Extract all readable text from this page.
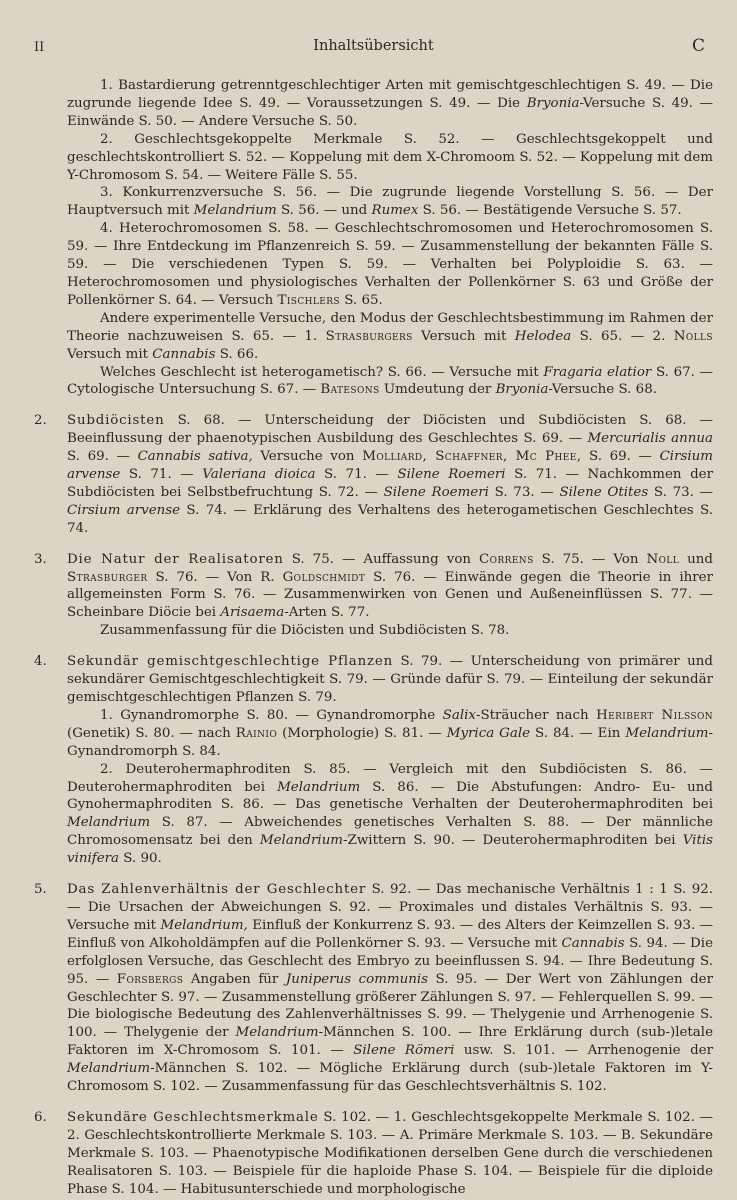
II	Inhaltsübersicht	C

1. Bastardierung getrenntgeschlechtiger Arten mit gemischtgeschlechtigen S. 49. — Die zugrunde liegende Idee S. 49. — Voraussetzungen S. 49. — Die Bryonia-Versuche S. 49. — Einwände S. 50. — Andere Versuche S. 50.

2. Geschlechtsgekoppelte Merkmale S. 52. — Geschlechtsgekoppelt und geschlechtskontrolliert S. 52. — Koppelung mit dem X-Chromoom S. 52. — Koppelung mit dem Y-Chromosom S. 54. — Weitere Fälle S. 55.

3. Konkurrenzversuche S. 56. — Die zugrunde liegende Vorstellung S. 56. — Der Hauptversuch mit Melandrium S. 56. — und Rumex S. 56. — Bestätigende Versuche S. 57.

4. Heterochromosomen S. 58. — Geschlechtschromosomen und Heterochromosomen S. 59. — Ihre Entdeckung im Pflanzenreich S. 59. — Zusammenstellung der bekannten Fälle S. 59. — Die verschiedenen Typen S. 59. — Verhalten bei Polyploidie S. 63. — Heterochromosomen und physiologisches Verhalten der Pollenkörner S. 63 und Größe der Pollenkörner S. 64. — Versuch Tischlers S. 65.

Andere experimentelle Versuche, den Modus der Geschlechtsbestimmung im Rahmen der Theorie nachzuweisen S. 65. — 1. Strasburgers Versuch mit Helodea S. 65. — 2. Nolls Versuch mit Cannabis S. 66.

Welches Geschlecht ist heterogametisch? S. 66. — Versuche mit Fragaria elatior S. 67. — Cytologische Untersuchung S. 67. — Batesons Umdeutung der Bryonia-Versuche S. 68.

2. Subdiöcisten S. 68. — Unterscheidung der Diöcisten und Subdiöcisten S. 68. — Beeinflussung der phaenotypischen Ausbildung des Geschlechtes S. 69. — Mercurialis annua S. 69. — Cannabis sativa, Versuche von Molliard, Schaffner, Mc Phee, S. 69. — Cirsium arvense S. 71. — Valeriana dioica S. 71. — Silene Roemeri S. 71. — Nachkommen der Subdiöcisten bei Selbstbefruchtung S. 72. — Silene Roemeri S. 73. — Silene Otites S. 73. — Cirsium arvense S. 74. — Erklärung des Verhaltens des heterogametischen Geschlechtes S. 74.

3. Die Natur der Realisatoren S. 75. — Auffassung von Correns S. 75. — Von Noll und Strasburger S. 76. — Von R. Goldschmidt S. 76. — Einwände gegen die Theorie in ihrer allgemeinsten Form S. 76. — Zusammenwirken von Genen und Außeneinflüssen S. 77. — Scheinbare Diöcie bei Arisaema-Arten S. 77.

Zusammenfassung für die Diöcisten und Subdiöcisten S. 78.

4. Sekundär gemischtgeschlechtige Pflanzen S. 79. — Unterscheidung von primärer und sekundärer Gemischtgeschlechtigkeit S. 79. — Gründe dafür S. 79. — Einteilung der sekundär gemischtgeschlechtigen Pflanzen S. 79.

1. Gynandromorphe S. 80. — Gynandromorphe Salix-Sträucher nach Heribert Nilsson (Genetik) S. 80. — nach Rainio (Morphologie) S. 81. — Myrica Gale S. 84. — Ein Melandrium-Gynandromorph S. 84.

2. Deuterohermaphroditen S. 85. — Vergleich mit den Subdiöcisten S. 86. — Deuterohermaphroditen bei Melandrium S. 86. — Die Abstufungen: Andro- Eu- und Gynohermaphroditen S. 86. — Das genetische Verhalten der Deuterohermaphroditen bei Melandrium S. 87. — Abweichendes genetisches Verhalten S. 88. — Der männliche Chromosomensatz bei den Melandrium-Zwittern S. 90. — Deuterohermaphroditen bei Vitis vinifera S. 90.

5. Das Zahlenverhältnis der Geschlechter S. 92. — Das mechanische Verhältnis 1 : 1 S. 92. — Die Ursachen der Abweichungen S. 92. — Proximales und distales Verhältnis S. 93. — Versuche mit Melandrium, Einfluß der Konkurrenz S. 93. — des Alters der Keimzellen S. 93. — Einfluß von Alkoholdämpfen auf die Pollenkörner S. 93. — Versuche mit Cannabis S. 94. — Die erfolglosen Versuche, das Geschlecht des Embryo zu beeinflussen S. 94. — Ihre Bedeutung S. 95. — Forsbergs Angaben für Juniperus communis S. 95. — Der Wert von Zählungen der Geschlechter S. 97. — Zusammenstellung größerer Zählungen S. 97. — Fehlerquellen S. 99. — Die biologische Bedeutung des Zahlenverhältnisses S. 99. — Thelygenie und Arrhenogenie S. 100. — Thelygenie der Melandrium-Männchen S. 100. — Ihre Erklärung durch (sub-)letale Faktoren im X-Chromosom S. 101. — Silene Römeri usw. S. 101. — Arrhenogenie der Melandrium-Männchen S. 102. — Mögliche Erklärung durch (sub-)letale Faktoren im Y-Chromosom S. 102. — Zusammenfassung für das Geschlechtsverhältnis S. 102.

6. Sekundäre Geschlechtsmerkmale S. 102. — 1. Geschlechtsgekoppelte Merkmale S. 102. — 2. Geschlechtskontrollierte Merkmale S. 103. — A. Primäre Merkmale S. 103. — B. Sekundäre Merkmale S. 103. — Phaenotypische Modifikationen derselben Gene durch die verschiedenen Realisatoren S. 103. — Beispiele für die haploide Phase S. 104. — Beispiele für die diploide Phase S. 104. — Habitusunterschiede und morphologische
